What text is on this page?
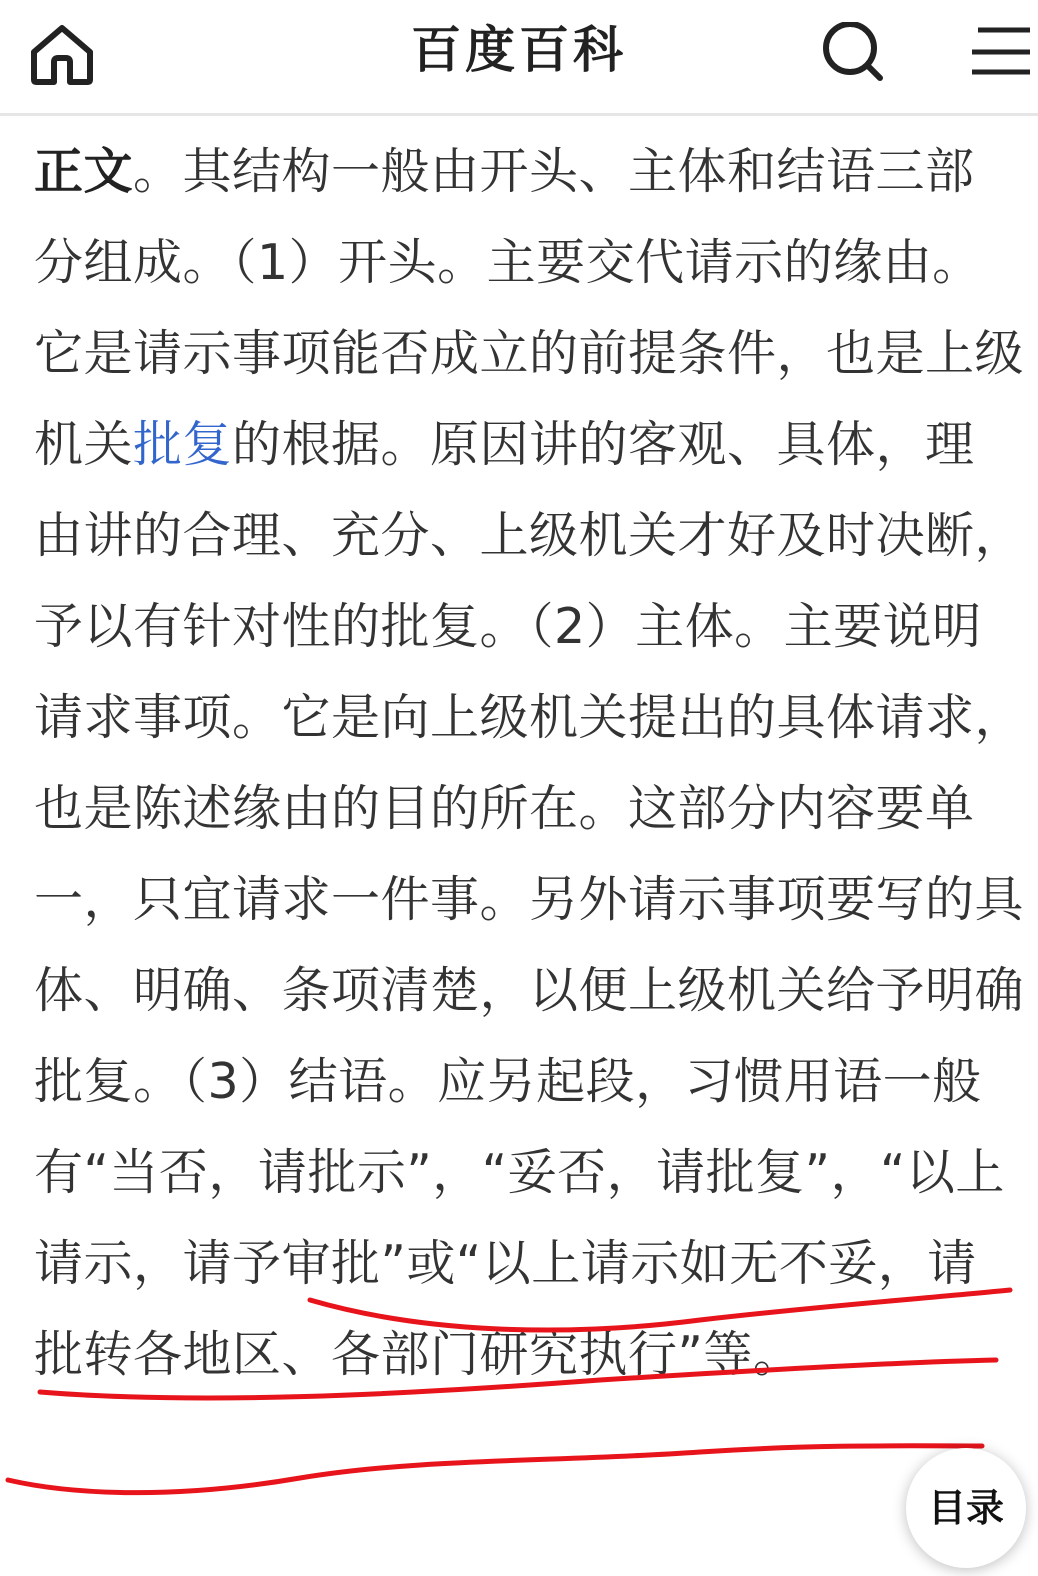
百度百科

正文。其结构一般由开头、主体和结语三部分组成。（1）开头。主要交代请示的缘由。它是请示事项能否成立的前提条件，也是上级机关批复的根据。原因讲的客观、具体，理由讲的合理、充分、上级机关才好及时决断，予以有针对性的批复。（2）主体。主要说明请求事项。它是向上级机关提出的具体请求，也是陈述缘由的目的所在。这部分内容要单一，只宜请求一件事。另外请示事项要写的具体、明确、条项清楚，以便上级机关给予明确批复。（3）结语。应另起段，习惯用语一般有“当否，请批示”，“妥否，请批复”，“以上请示，请予审批”或“以上请示如无不妥，请批转各地区、各部门研究执行”等。

目录
